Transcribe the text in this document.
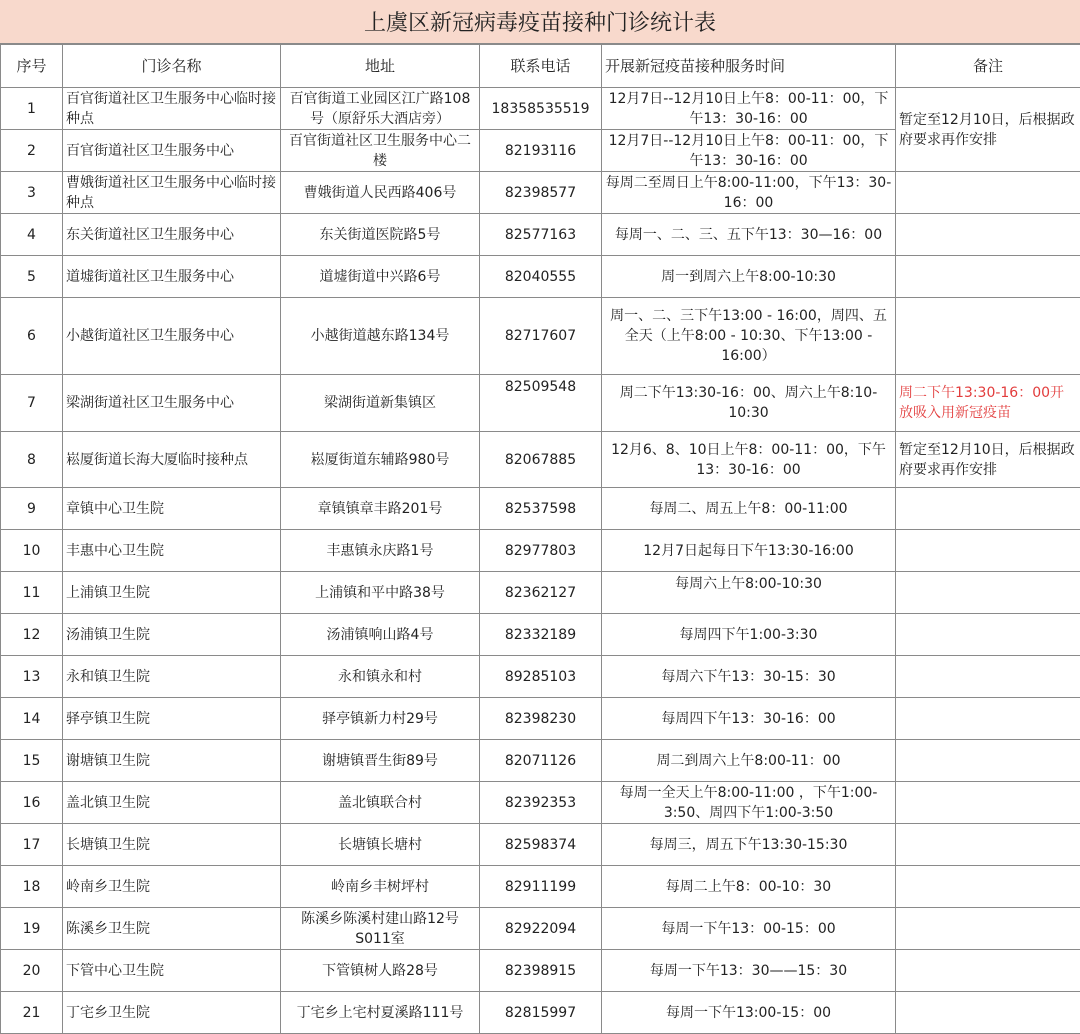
上虞区新冠病毒疫苗接种门诊统计表
序号	门诊名称	地址	联系电话	开展新冠疫苗接种服务时间	备注
1	百官街道社区卫生服务中心临时接种点	百官街道工业园区江广路108号（原舒乐大酒店旁）	18358535519	12月7日--12月10日上午8：00-11：00，下午13：30-16：00	暂定至12月10日，后根据政府要求再作安排
2	百官街道社区卫生服务中心	百官街道社区卫生服务中心二楼	82193116	12月7日--12月10日上午8：00-11：00，下午13：30-16：00	
3	曹娥街道社区卫生服务中心临时接种点	曹娥街道人民西路406号	82398577	每周二至周日上午8:00-11:00，下午13：30-16：00	
4	东关街道社区卫生服务中心	东关街道医院路5号	82577163	每周一、二、三、五下午13：30—16：00	
5	道墟街道社区卫生服务中心	道墟街道中兴路6号	82040555	周一到周六上午8:00-10:30	
6	小越街道社区卫生服务中心	小越街道越东路134号	82717607	周一、二、三下午13:00 - 16:00，周四、五全天（上午8:00 - 10:30、下午13:00 - 16:00）	
7	梁湖街道社区卫生服务中心	梁湖街道新集镇区	82509548	周二下午13:30-16：00、周六上午8:10-10:30	周二下午13:30-16：00开放吸入用新冠疫苗
8	崧厦街道长海大厦临时接种点	崧厦街道东辅路980号	82067885	12月6、8、10日上午8：00-11：00，下午13：30-16：00	暂定至12月10日，后根据政府要求再作安排
9	章镇中心卫生院	章镇镇章丰路201号	82537598	每周二、周五上午8：00-11:00	
10	丰惠中心卫生院	丰惠镇永庆路1号	82977803	12月7日起每日下午13:30-16:00	
11	上浦镇卫生院	上浦镇和平中路38号	82362127	每周六上午8:00-10:30	
12	汤浦镇卫生院	汤浦镇响山路4号	82332189	每周四下午1:00-3:30	
13	永和镇卫生院	永和镇永和村	89285103	每周六下午13：30-15：30	
14	驿亭镇卫生院	驿亭镇新力村29号	82398230	每周四下午13：30-16：00	
15	谢塘镇卫生院	谢塘镇晋生街89号	82071126	周二到周六上午8:00-11：00	
16	盖北镇卫生院	盖北镇联合村	82392353	每周一全天上午8:00-11:00 ，下午1:00-3:50、周四下午1:00-3:50	
17	长塘镇卫生院	长塘镇长塘村	82598374	每周三，周五下午13:30-15:30	
18	岭南乡卫生院	岭南乡丰树坪村	82911199	每周二上午8：00-10：30	
19	陈溪乡卫生院	陈溪乡陈溪村建山路12号S011室	82922094	每周一下午13：00-15：00	
20	下管中心卫生院	下管镇树人路28号	82398915	每周一下午13：30——15：30	
21	丁宅乡卫生院	丁宅乡上宅村夏溪路111号	82815997	每周一下午13:00-15：00	
